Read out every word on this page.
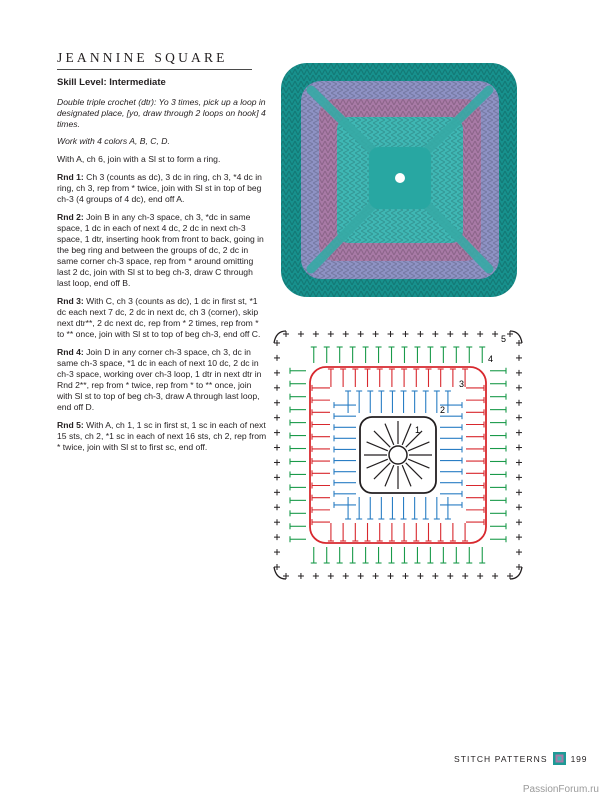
JEANNINE SQUARE
Skill Level: Intermediate

Double triple crochet (dtr): Yo 3 times, pick up a loop in designated place, [yo, draw through 2 loops on hook] 4 times.

Work with 4 colors A, B, C, D.

With A, ch 6, join with a Sl st to form a ring.

Rnd 1: Ch 3 (counts as dc), 3 dc in ring, ch 3, *4 dc in ring, ch 3, rep from * twice, join with Sl st in top of beg ch-3 (4 groups of 4 dc), end off A.

Rnd 2: Join B in any ch-3 space, ch 3, *dc in same space, 1 dc in each of next 4 dc, 2 dc in next ch-3 space, 1 dtr, inserting hook from front to back, going in the beg ring and between the groups of dc, 2 dc in same corner ch-3 space, rep from * around omitting last 2 dc, join with Sl st to beg ch-3, draw C through last loop, end off B.

Rnd 3: With C, ch 3 (counts as dc), 1 dc in first st, *1 dc each next 7 dc, 2 dc in next dc, ch 3 (corner), skip next dtr**, 2 dc next dc, rep from * 2 times, rep from * to ** once, join with Sl st to top of beg ch-3, end off C.

Rnd 4: Join D in any corner ch-3 space, ch 3, dc in same ch-3 space, *1 dc in each of next 10 dc, 2 dc in ch-3 space, working over ch-3 loop, 1 dtr in next dtr in Rnd 2**, rep from * twice, rep from * to ** once, join with Sl st to top of beg ch-3, draw A through last loop, end off D.

Rnd 5: With A, ch 1, 1 sc in first st, 1 sc in each of next 15 sts, ch 2, *1 sc in each of next 16 sts, ch 2, rep from * twice, join with Sl st to first sc, end off.

1
2
3
4
5
STITCH PATTERNS	199
PassionForum.ru
